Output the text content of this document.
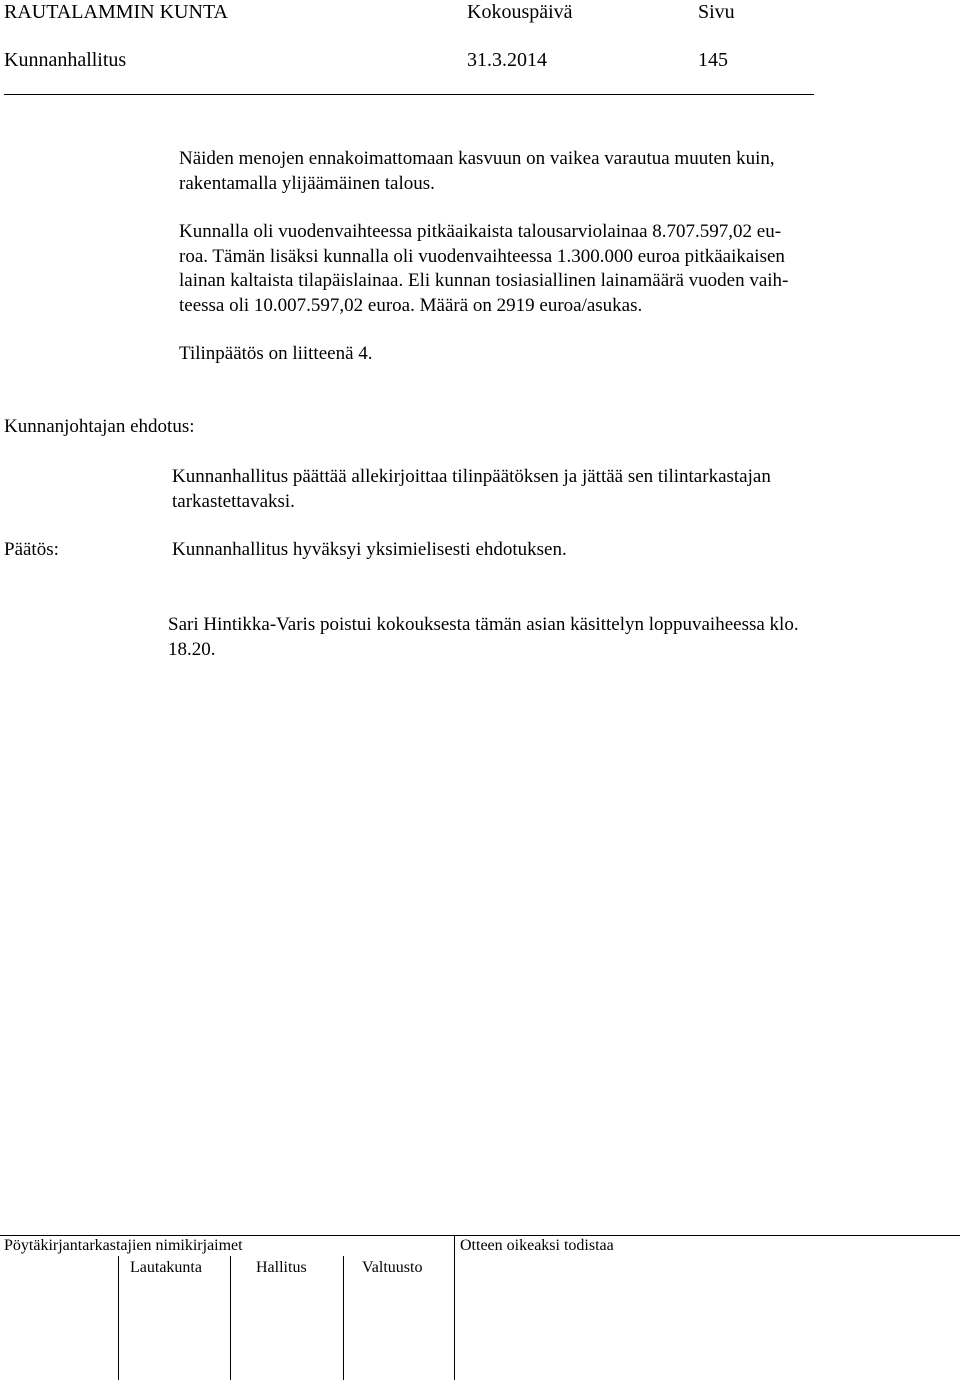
RAUTALAMMIN KUNTA	Kokouspäivä	Sivu
Kunnanhallitus	31.3.2014	145
Näiden menojen ennakoimattomaan kasvuun on vaikea varautua muuten kuin,
rakentamalla ylijäämäinen talous.
Kunnalla oli vuodenvaihteessa pitkäaikaista talousarviolainaa 8.707.597,02 eu-
roa. Tämän lisäksi kunnalla oli vuodenvaihteessa 1.300.000 euroa pitkäaikaisen
lainan kaltaista tilapäislainaa. Eli kunnan tosiasiallinen lainamäärä vuoden vaih-
teessa oli 10.007.597,02 euroa. Määrä on 2919 euroa/asukas.
Tilinpäätös on liitteenä 4.
Kunnanjohtajan ehdotus:
Kunnanhallitus päättää allekirjoittaa tilinpäätöksen ja jättää sen tilintarkastajan
tarkastettavaksi.
Päätös:	Kunnanhallitus hyväksyi yksimielisesti ehdotuksen.
Sari Hintikka-Varis poistui kokouksesta tämän asian käsittelyn loppuvaiheessa klo.
18.20.
Pöytäkirjantarkastajien nimikirjaimet	Otteen oikeaksi todistaa
Lautakunta	Hallitus	Valtuusto
